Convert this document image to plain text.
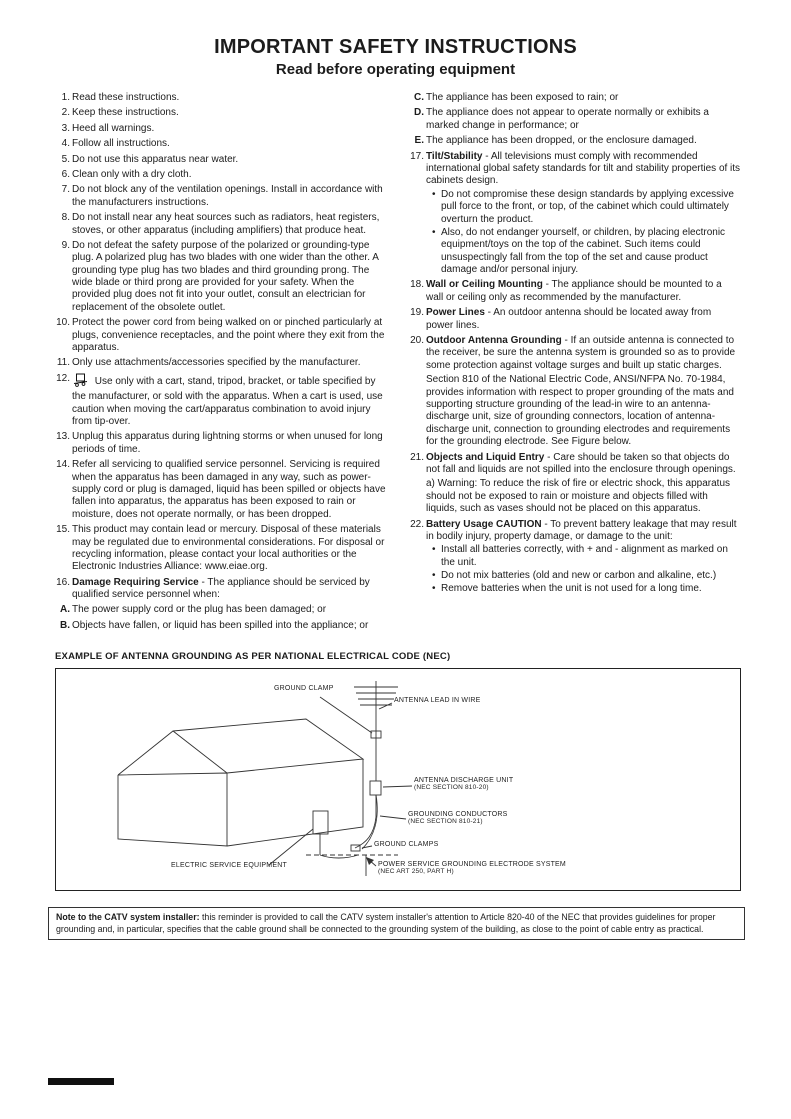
IMPORTANT SAFETY INSTRUCTIONS
Read before operating equipment
1. Read these instructions.
2. Keep these instructions.
3. Heed all warnings.
4. Follow all instructions.
5. Do not use this apparatus near water.
6. Clean only with a dry cloth.
7. Do not block any of the ventilation openings. Install in accordance with the manufacturers instructions.
8. Do not install near any heat sources such as radiators, heat registers, stoves, or other apparatus (including amplifiers) that produce heat.
9. Do not defeat the safety purpose of the polarized or grounding-type plug. A polarized plug has two blades with one wider than the other. A grounding type plug has two blades and third grounding prong. The wide blade or third prong are provided for your safety. When the provided plug does not fit into your outlet, consult an electrician for replacement of the obsolete outlet.
10. Protect the power cord from being walked on or pinched particularly at plugs, convenience receptacles, and the point where they exit from the apparatus.
11. Only use attachments/accessories specified by the manufacturer.
12. Use only with a cart, stand, tripod, bracket, or table specified by the manufacturer, or sold with the apparatus. When a cart is used, use caution when moving the cart/apparatus combination to avoid injury from tip-over.
13. Unplug this apparatus during lightning storms or when unused for long periods of time.
14. Refer all servicing to qualified service personnel. Servicing is required when the apparatus has been damaged in any way, such as power-supply cord or plug is damaged, liquid has been spilled or objects have fallen into apparatus, the apparatus has been exposed to rain or moisture, does not operate normally, or has been dropped.
15. This product may contain lead or mercury. Disposal of these materials may be regulated due to environmental considerations. For disposal or recycling information, please contact your local authorities or the Electronic Industries Alliance: www.eiae.org.
16. Damage Requiring Service - The appliance should be serviced by qualified service personnel when:
A. The power supply cord or the plug has been damaged; or
B. Objects have fallen, or liquid has been spilled into the appliance; or
C. The appliance has been exposed to rain; or
D. The appliance does not appear to operate normally or exhibits a marked change in performance; or
E. The appliance has been dropped, or the enclosure damaged.
17. Tilt/Stability - All televisions must comply with recommended international global safety standards for tilt and stability properties of its cabinets design.
• Do not compromise these design standards by applying excessive pull force to the front, or top, of the cabinet which could ultimately overturn the product.
• Also, do not endanger yourself, or children, by placing electronic equipment/toys on the top of the cabinet. Such items could unsuspectingly fall from the top of the set and cause product damage and/or personal injury.
18. Wall or Ceiling Mounting - The appliance should be mounted to a wall or ceiling only as recommended by the manufacturer.
19. Power Lines - An outdoor antenna should be located away from power lines.
20. Outdoor Antenna Grounding - If an outside antenna is connected to the receiver, be sure the antenna system is grounded so as to provide some protection against voltage surges and built up static charges.
Section 810 of the National Electric Code, ANSI/NFPA No. 70-1984, provides information with respect to proper grounding of the mats and supporting structure grounding of the lead-in wire to an antenna-discharge unit, size of grounding connectors, location of antenna-discharge unit, connection to grounding electrodes and requirements for the grounding electrode. See Figure below.
21. Objects and Liquid Entry - Care should be taken so that objects do not fall and liquids are not spilled into the enclosure through openings.
a) Warning: To reduce the risk of fire or electric shock, this apparatus should not be exposed to rain or moisture and objects filled with liquids, such as vases should not be placed on this apparatus.
22. Battery Usage CAUTION - To prevent battery leakage that may result in bodily injury, property damage, or damage to the unit:
• Install all batteries correctly, with + and - alignment as marked on the unit.
• Do not mix batteries (old and new or carbon and alkaline, etc.)
• Remove batteries when the unit is not used for a long time.
EXAMPLE OF ANTENNA GROUNDING AS PER NATIONAL ELECTRICAL CODE (NEC)
GROUND CLAMP
ANTENNA LEAD IN WIRE
ANTENNA DISCHARGE UNIT
(NEC SECTION 810-20)
GROUNDING CONDUCTORS
(NEC SECTION 810-21)
GROUND CLAMPS
ELECTRIC SERVICE EQUIPMENT	POWER SERVICE GROUNDING ELECTRODE SYSTEM
(NEC ART 250, PART H)
Note to the CATV system installer: this reminder is provided to call the CATV system installer's attention to Article 820-40 of the NEC that provides guidelines for proper grounding and, in particular, specifies that the cable ground shall be connected to the grounding system of the building, as close to the point of cable entry as practical.
